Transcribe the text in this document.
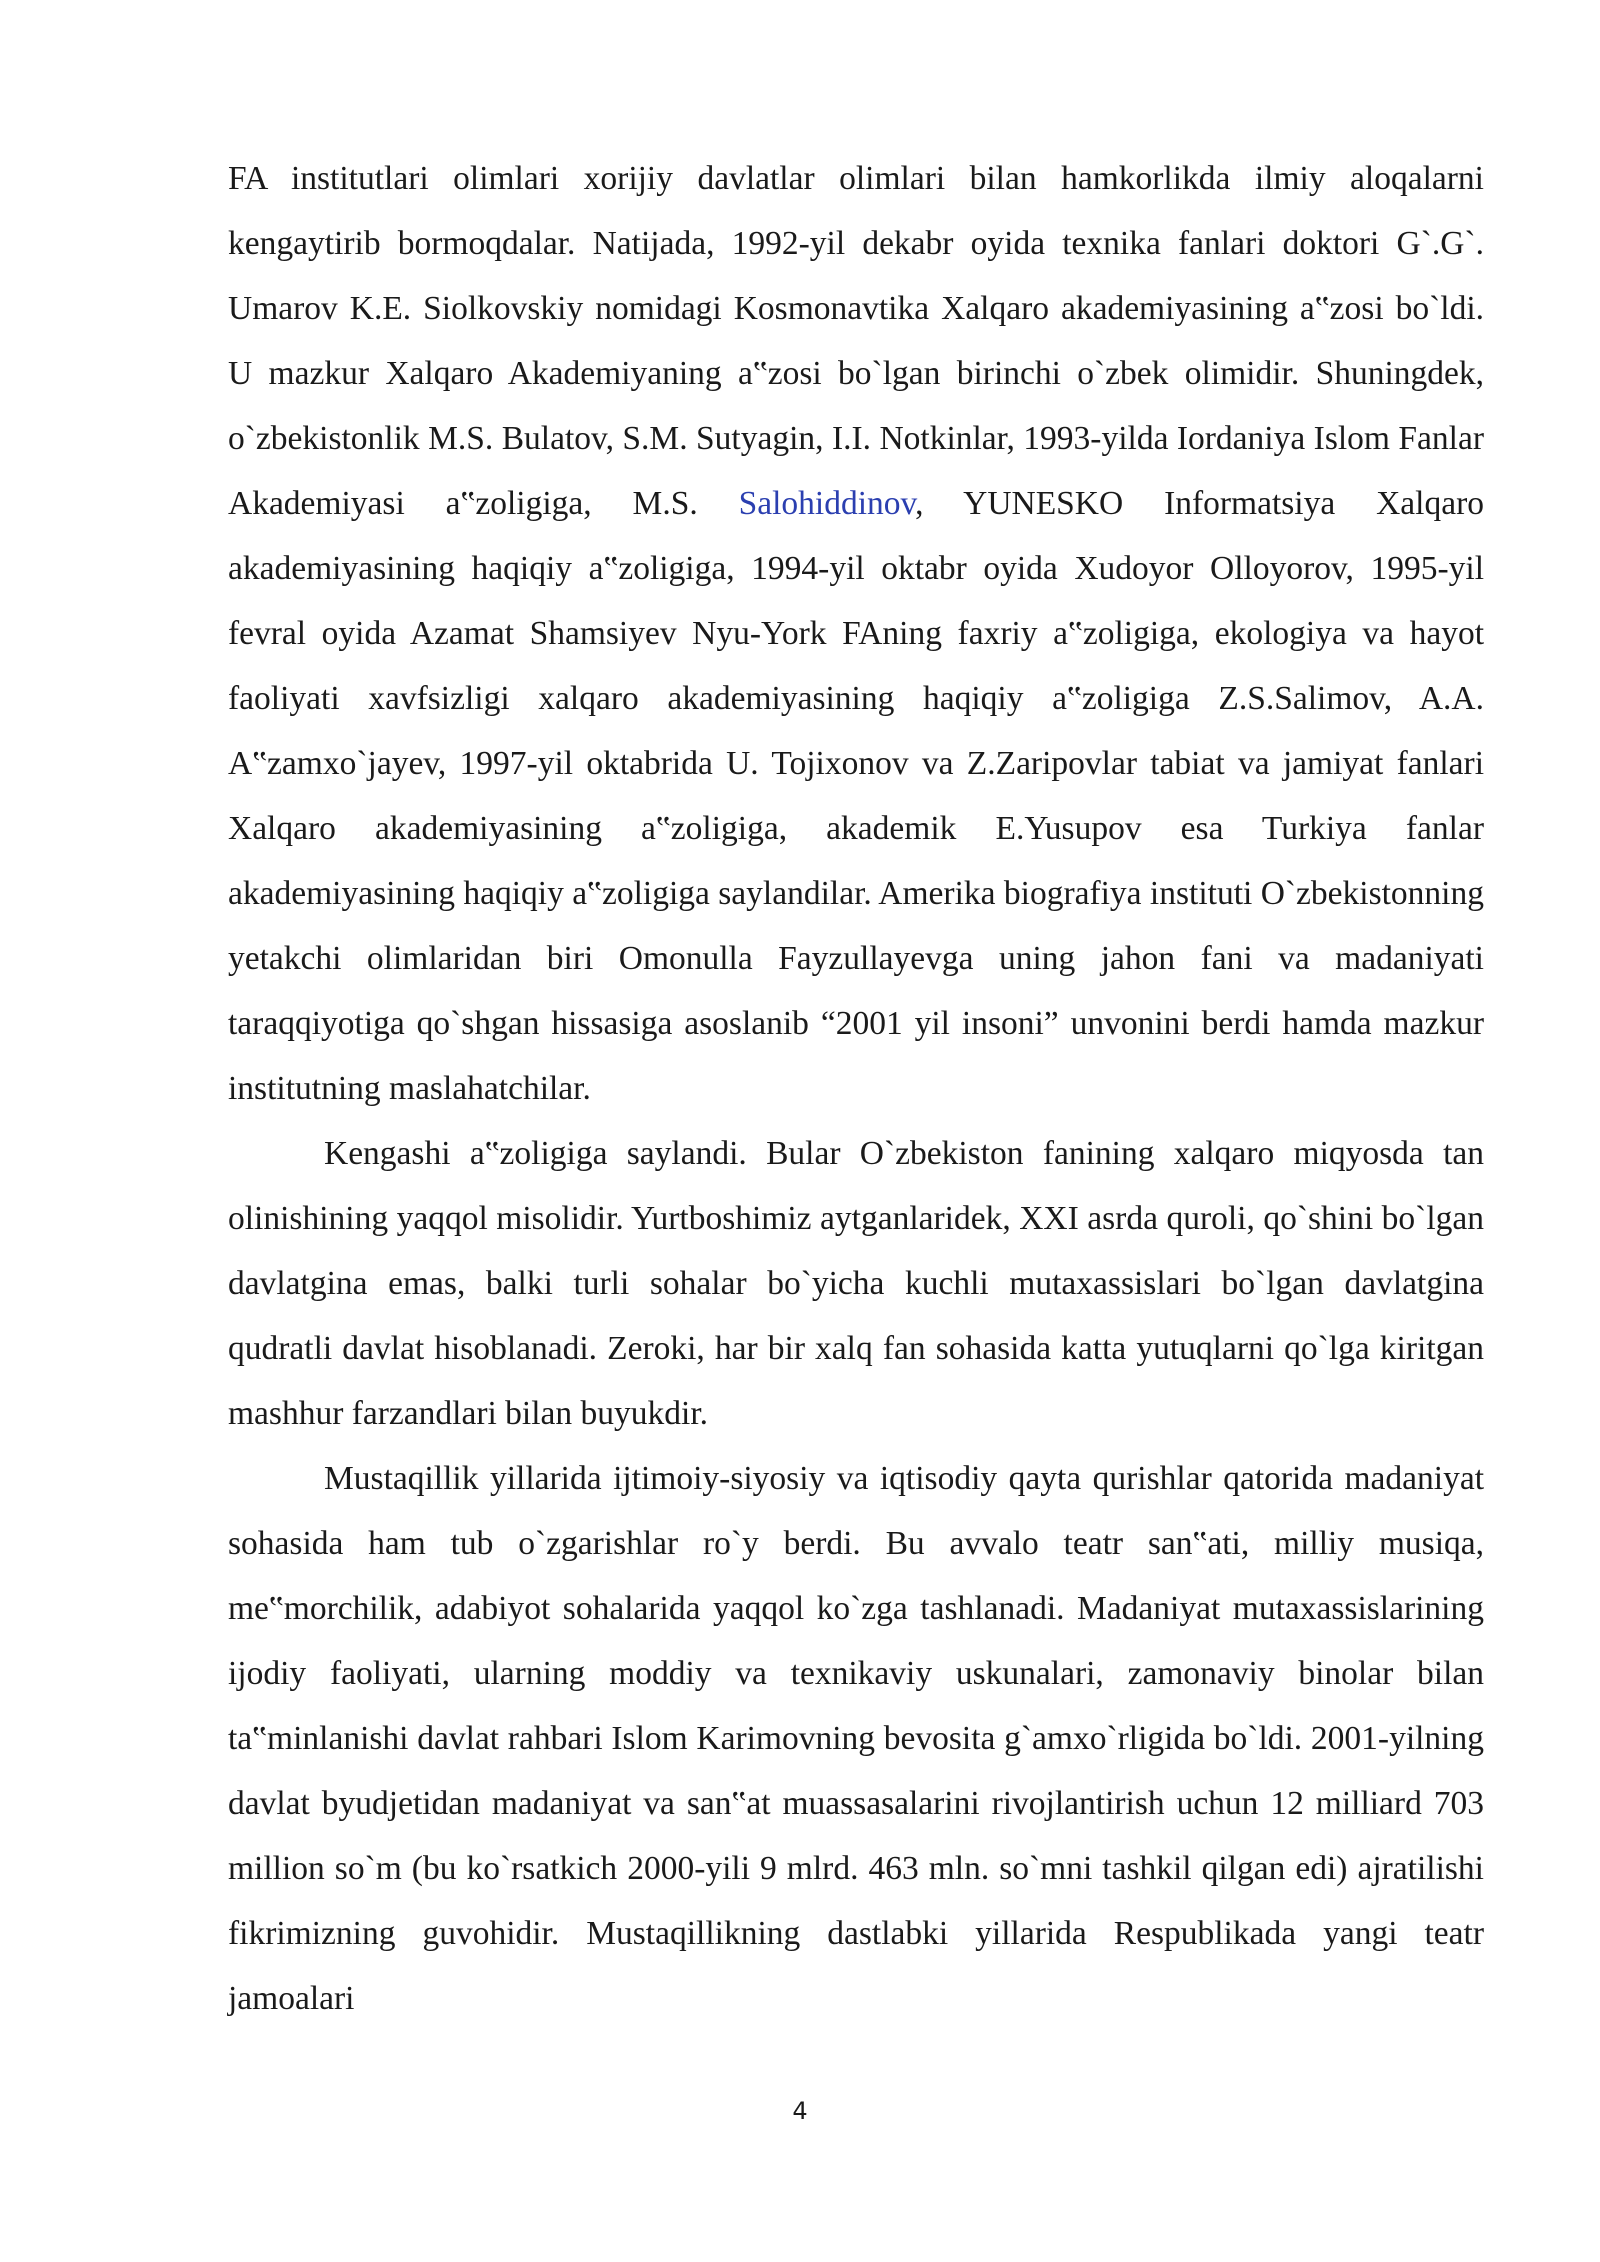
FA institutlari olimlari xorijiy davlatlar olimlari bilan hamkorlikda ilmiy aloqalarni kengaytirib bormoqdalar. Natijada, 1992-yil dekabr oyida texnika fanlari doktori G`.G`. Umarov K.E. Siolkovskiy nomidagi Kosmonavtika Xalqaro akademiyasining a‟zosi bo`ldi. U mazkur Xalqaro Akademiyaning a‟zosi bo`lgan birinchi o`zbek olimidir. Shuningdek, o`zbekistonlik M.S. Bulatov, S.M. Sutyagin, I.I. Notkinlar, 1993-yilda Iordaniya Islom Fanlar Akademiyasi a‟zoligiga, M.S. Salohiddinov, YUNESKO Informatsiya Xalqaro akademiyasining haqiqiy a‟zoligiga, 1994-yil oktabr oyida Xudoyor Olloyorov, 1995-yil fevral oyida Azamat Shamsiyev Nyu-York FAning faxriy a‟zoligiga, ekologiya va hayot faoliyati xavfsizligi xalqaro akademiyasining haqiqiy a‟zoligiga Z.S.Salimov, A.A. A‟zamxo`jayev, 1997-yil oktabrida U. Tojixonov va Z.Zaripovlar tabiat va jamiyat fanlari Xalqaro akademiyasining a‟zoligiga, akademik E.Yusupov esa Turkiya fanlar akademiyasining haqiqiy a‟zoligiga saylandilar. Amerika biografiya instituti O`zbekistonning yetakchi olimlaridan biri Omonulla Fayzullayevga uning jahon fani va madaniyati taraqqiyotiga qo`shgan hissasiga asoslanib “2001 yil insoni” unvonini berdi hamda mazkur institutning maslahatchilar.

Kengashi a‟zoligiga saylandi. Bular O`zbekiston fanining xalqaro miqyosda tan olinishining yaqqol misolidir. Yurtboshimiz aytganlaridek, XXI asrda quroli, qo`shini bo`lgan davlatgina emas, balki turli sohalar bo`yicha kuchli mutaxassislari bo`lgan davlatgina qudratli davlat hisoblanadi. Zeroki, har bir xalq fan sohasida katta yutuqlarni qo`lga kiritgan mashhur farzandlari bilan buyukdir.

Mustaqillik yillarida ijtimoiy-siyosiy va iqtisodiy qayta qurishlar qatorida madaniyat sohasida ham tub o`zgarishlar ro`y berdi. Bu avvalo teatr san‟ati, milliy musiqa, me‟morchilik, adabiyot sohalarida yaqqol ko`zga tashlanadi. Madaniyat mutaxassislarining ijodiy faoliyati, ularning moddiy va texnikaviy uskunalari, zamonaviy binolar bilan ta‟minlanishi davlat rahbari Islom Karimovning bevosita g`amxo`rligida bo`ldi. 2001-yilning davlat byudjetidan madaniyat va san‟at muassasalarini rivojlantirish uchun 12 milliard 703 million so`m (bu ko`rsatkich 2000-yili 9 mlrd. 463 mln. so`mni tashkil qilgan edi) ajratilishi fikrimizning guvohidir. Mustaqillikning dastlabki yillarida Respublikada yangi teatr jamoalari

4
